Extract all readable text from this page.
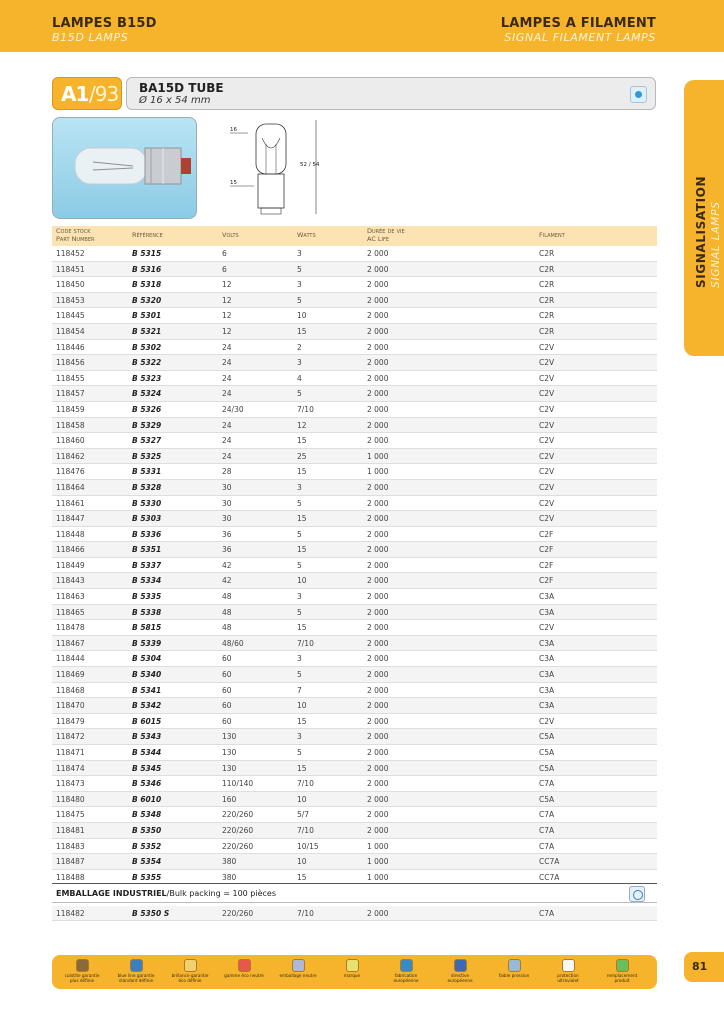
LAMPES B15D
B15D LAMPS
LAMPES A FILAMENT
SIGNAL FILAMENT LAMPS
SIGNALISATION SIGNAL LAMPS
A1 /93 BA15D TUBE
Ø 16 x 54 mm
16
15
52 / 54
Code stock
Part Number	Référence	Volts	Watts	Durée de vie
AC Life	Filament
118452	B 5315	6	3	2 000	C2R
118451	B 5316	6	5	2 000	C2R
118450	B 5318	12	3	2 000	C2R
118453	B 5320	12	5	2 000	C2R
118445	B 5301	12	10	2 000	C2R
118454	B 5321	12	15	2 000	C2R
118446	B 5302	24	2	2 000	C2V
118456	B 5322	24	3	2 000	C2V
118455	B 5323	24	4	2 000	C2V
118457	B 5324	24	5	2 000	C2V
118459	B 5326	24/30	7/10	2 000	C2V
118458	B 5329	24	12	2 000	C2V
118460	B 5327	24	15	2 000	C2V
118462	B 5325	24	25	1 000	C2V
118476	B 5331	28	15	1 000	C2V
118464	B 5328	30	3	2 000	C2V
118461	B 5330	30	5	2 000	C2V
118447	B 5303	30	15	2 000	C2V
118448	B 5336	36	5	2 000	C2F
118466	B 5351	36	15	2 000	C2F
118449	B 5337	42	5	2 000	C2F
118443	B 5334	42	10	2 000	C2F
118463	B 5335	48	3	2 000	C3A
118465	B 5338	48	5	2 000	C3A
118478	B 5815	48	15	2 000	C2V
118467	B 5339	48/60	7/10	2 000	C3A
118444	B 5304	60	3	2 000	C3A
118469	B 5340	60	5	2 000	C3A
118468	B 5341	60	7	2 000	C3A
118470	B 5342	60	10	2 000	C3A
118479	B 6015	60	15	2 000	C2V
118472	B 5343	130	3	2 000	C5A
118471	B 5344	130	5	2 000	C5A
118474	B 5345	130	15	2 000	C5A
118473	B 5346	110/140	7/10	2 000	C7A
118480	B 6010	160	10	2 000	C5A
118475	B 5348	220/260	5/7	2 000	C7A
118481	B 5350	220/260	7/10	2 000	C7A
118483	B 5352	220/260	10/15	1 000	C7A
118487	B 5354	380	10	1 000	CC7A
118488	B 5355	380	15	1 000	CC7A
EMBALLAGE INDUSTRIEL/Bulk packing = 100 pièces
118482	B 5350 S	220/260	7/10	2 000	C7A
culot/te garantie plus définie
blue line garantie standard définie
brillance garantie éco définie
gamme éco neutre	emballage neutre	marque	fabrication européenne
directive européenne
faible pression	protection ultraviolet
remplacement produit
81
